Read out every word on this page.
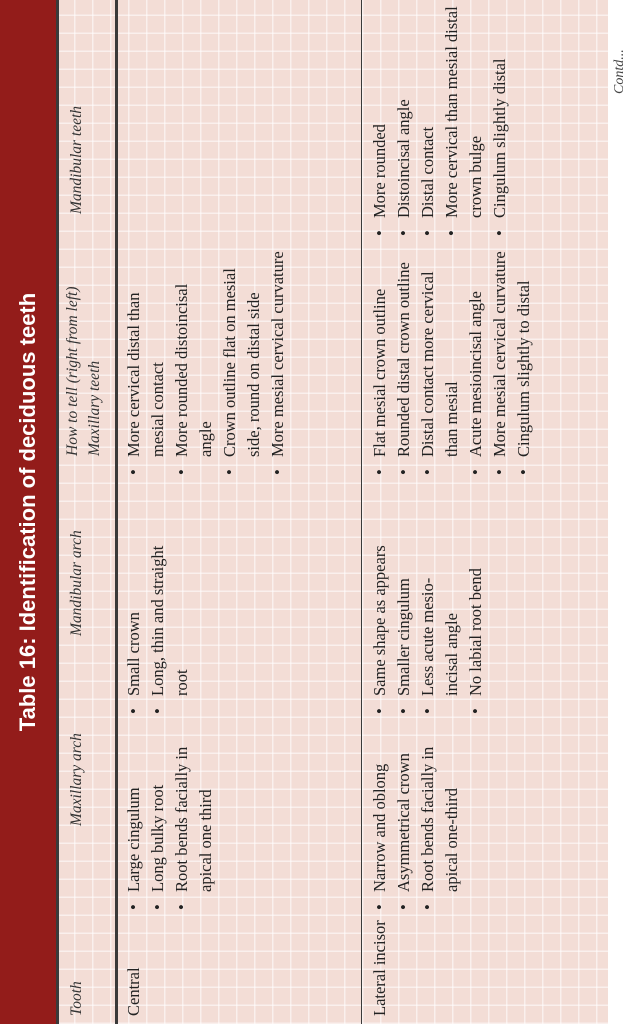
Table 16: Identification of deciduous teeth
Tooth
Maxillary arch
Mandibular arch
How to tell (right from left) Maxillary teeth
Mandibular teeth
Central
• Large cingulum • Long bulky root • Root bends facially in apical one third
• Small crown • Long, thin and straight root
• More cervical distal than mesial contact • More rounded distoincisal angle • Crown outline flat on mesial side, round on distal side • More mesial cervical curvature
Lateral incisor
• Narrow and oblong • Asymmetrical crown • Root bends facially in apical one-third
• Same shape as appears • Smaller cingulum • Less acute mesio-incisal angle • No labial root bend
• Flat mesial crown outline • Rounded distal crown outline • Distal contact more cervical than mesial • Acute mesioincisal angle • More mesial cervical curvature • Cingulum slightly to distal
• More rounded • Distoincisal angle • Distal contact • More cervical than mesial distal crown bulge • Cingulum slightly distal	Contd...
